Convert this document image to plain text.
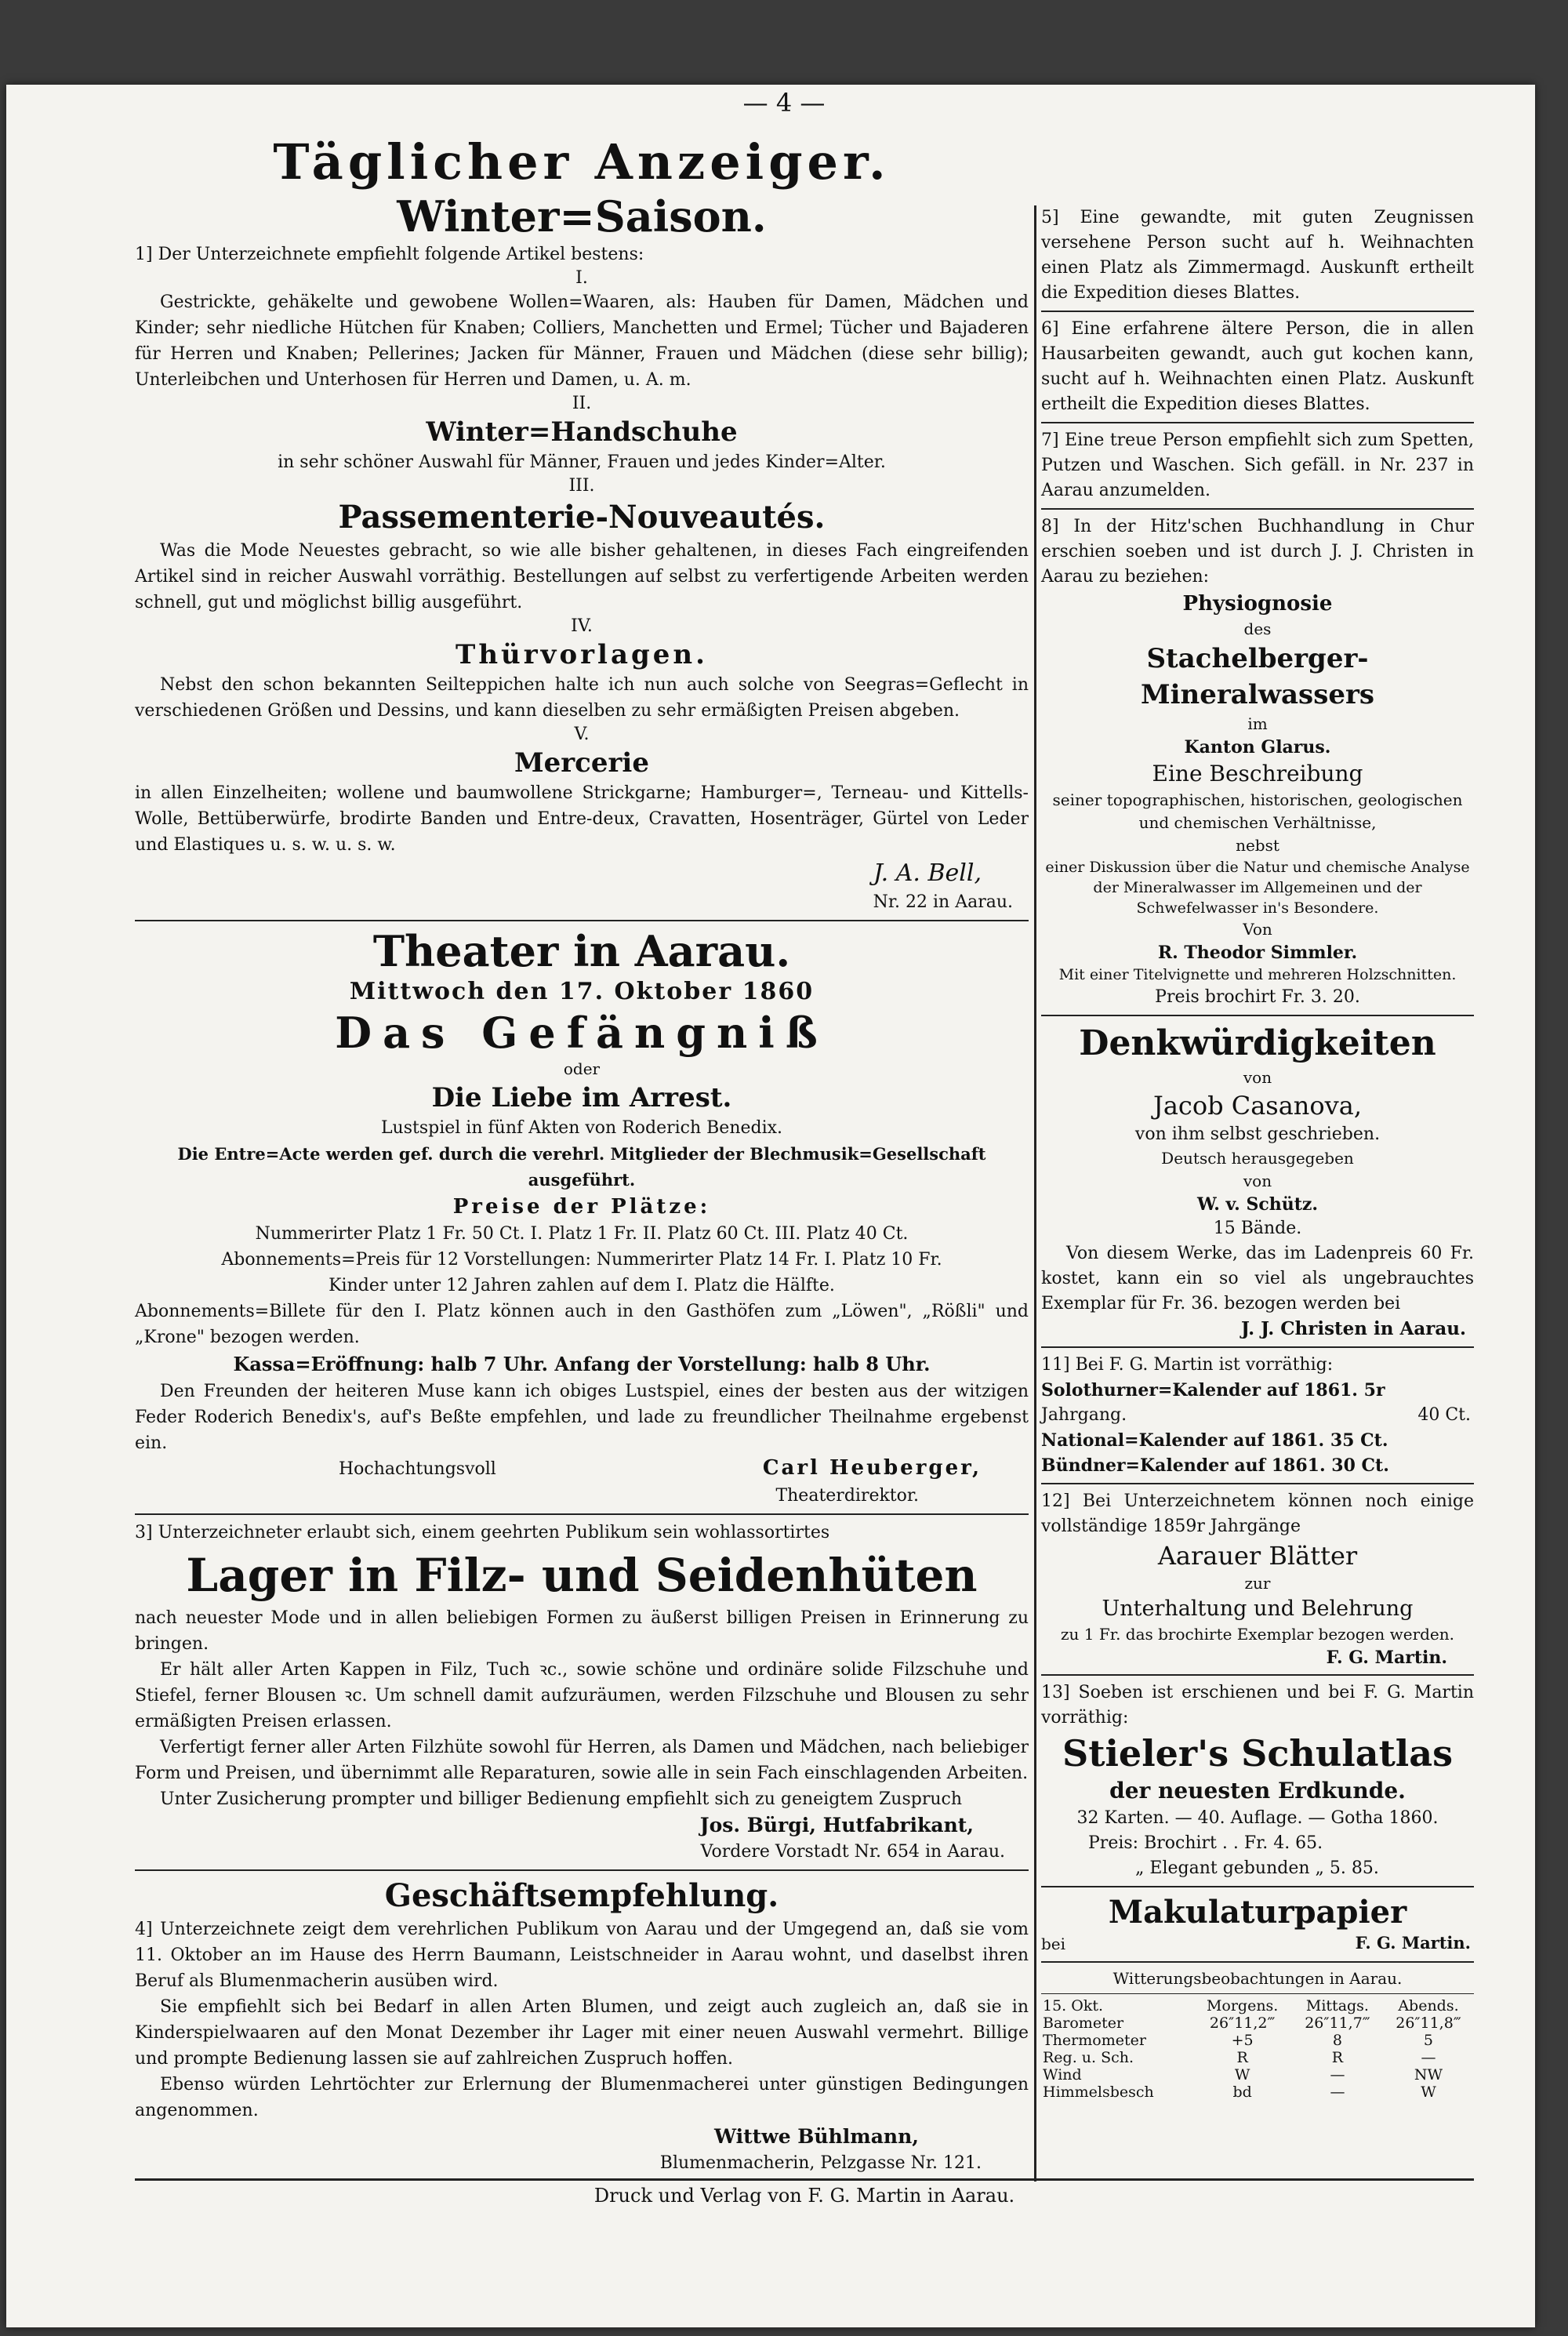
— 4 —
Täglicher Anzeiger.
Winter=Saison.

1] Der Unterzeichnete empfiehlt folgende Artikel bestens:

I.

Gestrickte, gehäkelte und gewobene Wollen=Waaren, als: Hauben für Damen, Mädchen und Kinder; sehr niedliche Hütchen für Knaben; Colliers, Manchetten und Ermel; Tücher und Bajaderen für Herren und Knaben; Pellerines; Jacken für Männer, Frauen und Mädchen (diese sehr billig); Unterleibchen und Unterhosen für Herren und Damen, u. A. m.

II.
Winter=Handschuhe

in sehr schöner Auswahl für Männer, Frauen und jedes Kinder=Alter.

III.
Passementerie-Nouveautés.

Was die Mode Neuestes gebracht, so wie alle bisher gehaltenen, in dieses Fach eingreifenden Artikel sind in reicher Auswahl vorräthig. Bestellungen auf selbst zu verfertigende Arbeiten werden schnell, gut und möglichst billig ausgeführt.

IV.
Thürvorlagen.

Nebst den schon bekannten Seilteppichen halte ich nun auch solche von Seegras=Geflecht in verschiedenen Größen und Dessins, und kann dieselben zu sehr ermäßigten Preisen abgeben.

V.
Mercerie

in allen Einzelheiten; wollene und baumwollene Strickgarne; Hamburger=, Terneau- und Kittells-Wolle, Bettüberwürfe, brodirte Banden und Entre-deux, Cravatten, Hosenträger, Gürtel von Leder und Elastiques u. s. w. u. s. w.

J. A. Bell,

Nr. 22 in Aarau.

Theater in Aarau.
Mittwoch den 17. Oktober 1860
Das Gefängniß
oder
Die Liebe im Arrest.

Lustspiel in fünf Akten von Roderich Benedix.

Die Entre=Acte werden gef. durch die verehrl. Mitglieder der Blechmusik=Gesellschaft ausgeführt.

Preise der Plätze:

Nummerirter Platz 1 Fr. 50 Ct. I. Platz 1 Fr. II. Platz 60 Ct. III. Platz 40 Ct.

Abonnements=Preis für 12 Vorstellungen: Nummerirter Platz 14 Fr. I. Platz 10 Fr.

Kinder unter 12 Jahren zahlen auf dem I. Platz die Hälfte.

Abonnements=Billete für den I. Platz können auch in den Gasthöfen zum „Löwen", „Rößli" und „Krone" bezogen werden.

Kassa=Eröffnung: halb 7 Uhr. Anfang der Vorstellung: halb 8 Uhr.

Den Freunden der heiteren Muse kann ich obiges Lustspiel, eines der besten aus der witzigen Feder Roderich Benedix's, auf's Beßte empfehlen, und lade zu freundlicher Theilnahme ergebenst ein.

Hochachtungsvoll	Carl Heuberger,

Theaterdirektor.

3] Unterzeichneter erlaubt sich, einem geehrten Publikum sein wohlassortirtes

Lager in Filz- und Seidenhüten

nach neuester Mode und in allen beliebigen Formen zu äußerst billigen Preisen in Erinnerung zu bringen.

Er hält aller Arten Kappen in Filz, Tuch ꝛc., sowie schöne und ordinäre solide Filzschuhe und Stiefel, ferner Blousen ꝛc. Um schnell damit aufzuräumen, werden Filzschuhe und Blousen zu sehr ermäßigten Preisen erlassen.

Verfertigt ferner aller Arten Filzhüte sowohl für Herren, als Damen und Mädchen, nach beliebiger Form und Preisen, und übernimmt alle Reparaturen, sowie alle in sein Fach einschlagenden Arbeiten.

Unter Zusicherung prompter und billiger Bedienung empfiehlt sich zu geneigtem Zuspruch

Jos. Bürgi, Hutfabrikant,

Vordere Vorstadt Nr. 654 in Aarau.

Geschäftsempfehlung.

4] Unterzeichnete zeigt dem verehrlichen Publikum von Aarau und der Umgegend an, daß sie vom 11. Oktober an im Hause des Herrn Baumann, Leistschneider in Aarau wohnt, und daselbst ihren Beruf als Blumenmacherin ausüben wird.

Sie empfiehlt sich bei Bedarf in allen Arten Blumen, und zeigt auch zugleich an, daß sie in Kinderspielwaaren auf den Monat Dezember ihr Lager mit einer neuen Auswahl vermehrt. Billige und prompte Bedienung lassen sie auf zahlreichen Zuspruch hoffen.

Ebenso würden Lehrtöchter zur Erlernung der Blumenmacherei unter günstigen Bedingungen angenommen.

Wittwe Bühlmann,

Blumenmacherin, Pelzgasse Nr. 121.

5] Eine gewandte, mit guten Zeugnissen versehene Person sucht auf h. Weihnachten einen Platz als Zimmermagd. Auskunft ertheilt die Expedition dieses Blattes.

6] Eine erfahrene ältere Person, die in allen Hausarbeiten gewandt, auch gut kochen kann, sucht auf h. Weihnachten einen Platz. Auskunft ertheilt die Expedition dieses Blattes.

7] Eine treue Person empfiehlt sich zum Spetten, Putzen und Waschen. Sich gefäll. in Nr. 237 in Aarau anzumelden.

8] In der Hitz'schen Buchhandlung in Chur erschien soeben und ist durch J. J. Christen in Aarau zu beziehen:

Physiognosie
des
Stachelberger-Mineralwassers
im
Kanton Glarus.
Eine Beschreibung

seiner topographischen, historischen, geologischen und chemischen Verhältnisse,

nebst

einer Diskussion über die Natur und chemische Analyse der Mineralwasser im Allgemeinen und der Schwefelwasser in's Besondere.

Von
R. Theodor Simmler.

Mit einer Titelvignette und mehreren Holzschnitten.

Preis brochirt Fr. 3. 20.

Denkwürdigkeiten
von
Jacob Casanova,

von ihm selbst geschrieben.

Deutsch herausgegeben
von
W. v. Schütz.
15 Bände.

Von diesem Werke, das im Ladenpreis 60 Fr. kostet, kann ein so viel als ungebrauchtes Exemplar für Fr. 36. bezogen werden bei

J. J. Christen in Aarau.

11] Bei F. G. Martin ist vorräthig:

Solothurner=Kalender auf 1861. 5r

Jahrgang.	40 Ct.

National=Kalender auf 1861. 35 Ct.

Bündner=Kalender auf 1861. 30 Ct.

12] Bei Unterzeichnetem können noch einige vollständige 1859r Jahrgänge

Aarauer Blätter
zur
Unterhaltung und Belehrung

zu 1 Fr. das brochirte Exemplar bezogen werden.

F. G. Martin.

13] Soeben ist erschienen und bei F. G. Martin vorräthig:

Stieler's Schulatlas
der neuesten Erdkunde.

32 Karten. — 40. Auflage. — Gotha 1860.

Preis: Brochirt . . Fr. 4. 65.

„ Elegant gebunden „ 5. 85.

Makulaturpapier
bei	F. G. Martin.

Witterungsbeobachtungen in Aarau.

15. Okt.	Morgens.	Mittags.	Abends.
Barometer	26″11,2‴	26″11,7‴	26″11,8‴
Thermometer	+5	8	5
Reg. u. Sch.	R	R	—
Wind	W	—	NW
Himmelsbesch	bd	—	W
Druck und Verlag von F. G. Martin in Aarau.
